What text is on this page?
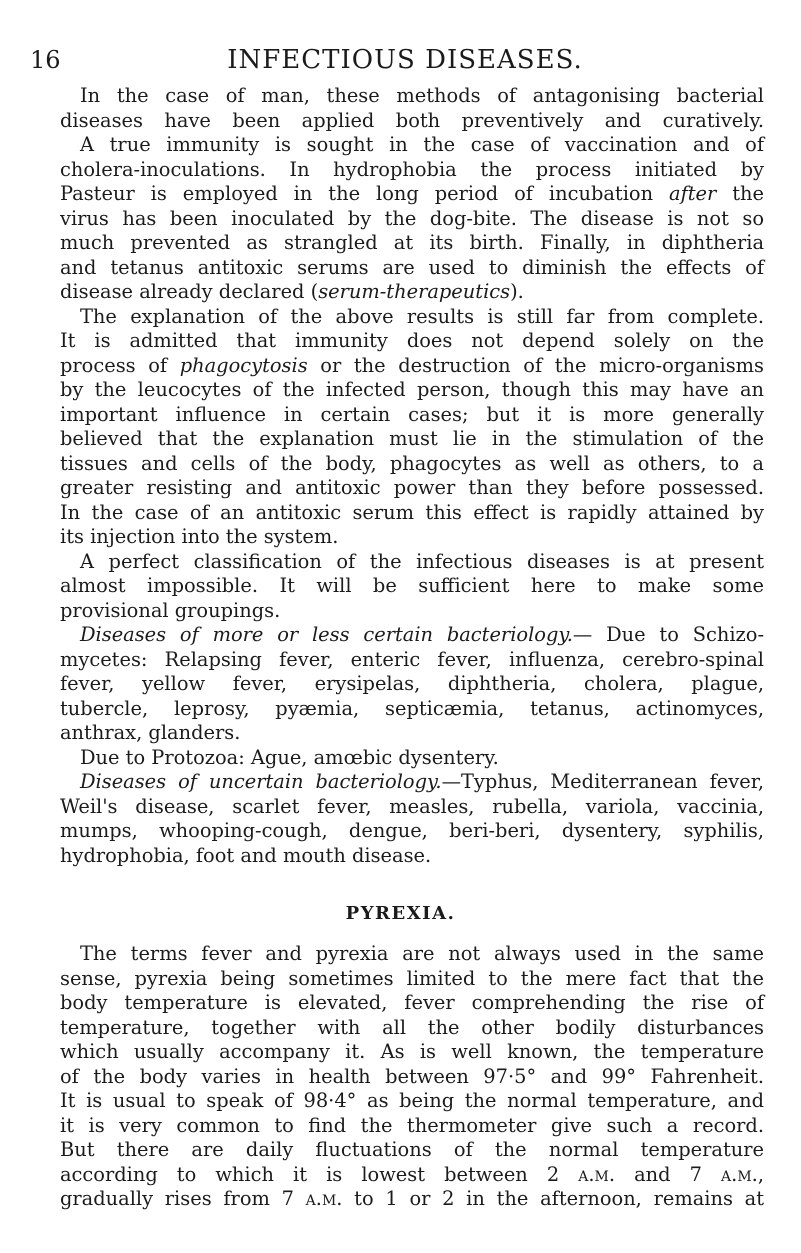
16	INFECTIOUS DISEASES.
In the case of man, these methods of antagonising bacterial
diseases have been applied both preventively and curatively.
A true immunity is sought in the case of vaccination and of
cholera-inoculations. In hydrophobia the process initiated by
Pasteur is employed in the long period of incubation after the
virus has been inoculated by the dog-bite. The disease is not so
much prevented as strangled at its birth. Finally, in diphtheria
and tetanus antitoxic serums are used to diminish the effects of
disease already declared (serum-therapeutics).
The explanation of the above results is still far from complete.
It is admitted that immunity does not depend solely on the
process of phagocytosis or the destruction of the micro-organisms
by the leucocytes of the infected person, though this may have an
important influence in certain cases; but it is more generally
believed that the explanation must lie in the stimulation of the
tissues and cells of the body, phagocytes as well as others, to a
greater resisting and antitoxic power than they before possessed.
In the case of an antitoxic serum this effect is rapidly attained by
its injection into the system.
A perfect classification of the infectious diseases is at present
almost impossible. It will be sufficient here to make some
provisional groupings.
Diseases of more or less certain bacteriology.— Due to Schizo-
mycetes: Relapsing fever, enteric fever, influenza, cerebro-spinal
fever, yellow fever, erysipelas, diphtheria, cholera, plague,
tubercle, leprosy, pyæmia, septicæmia, tetanus, actinomyces,
anthrax, glanders.
Due to Protozoa: Ague, amœbic dysentery.
Diseases of uncertain bacteriology.—Typhus, Mediterranean fever,
Weil's disease, scarlet fever, measles, rubella, variola, vaccinia,
mumps, whooping-cough, dengue, beri-beri, dysentery, syphilis,
hydrophobia, foot and mouth disease.
PYREXIA.
The terms fever and pyrexia are not always used in the same
sense, pyrexia being sometimes limited to the mere fact that the
body temperature is elevated, fever comprehending the rise of
temperature, together with all the other bodily disturbances
which usually accompany it. As is well known, the temperature
of the body varies in health between 97·5° and 99° Fahrenheit.
It is usual to speak of 98·4° as being the normal temperature, and
it is very common to find the thermometer give such a record.
But there are daily fluctuations of the normal temperature
according to which it is lowest between 2 a.m. and 7 a.m.,
gradually rises from 7 a.m. to 1 or 2 in the afternoon, remains at
